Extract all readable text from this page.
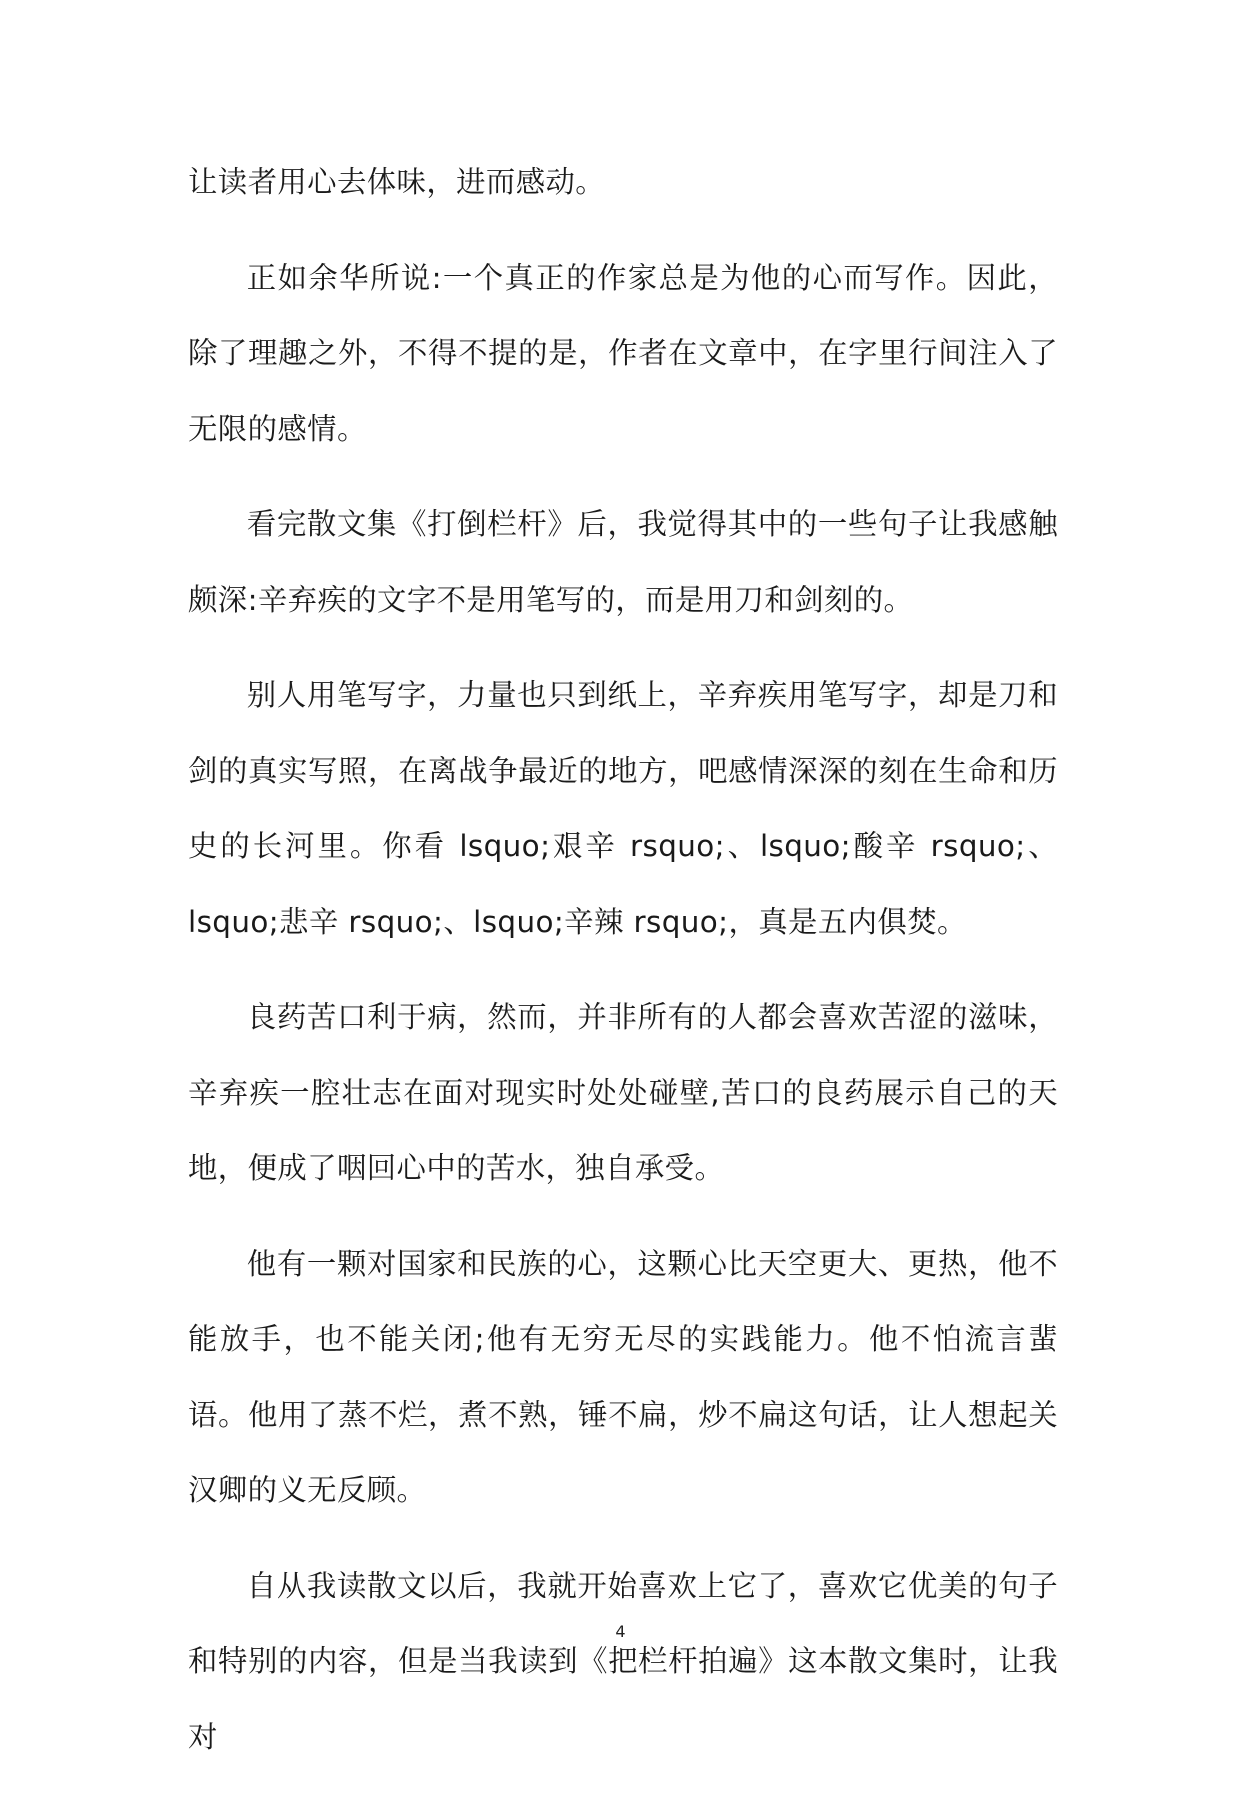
让读者用心去体味，进而感动。

正如余华所说:一个真正的作家总是为他的心而写作。因此，除了理趣之外，不得不提的是，作者在文章中，在字里行间注入了无限的感情。

看完散文集《打倒栏杆》后，我觉得其中的一些句子让我感触颇深:辛弃疾的文字不是用笔写的，而是用刀和剑刻的。

别人用笔写字，力量也只到纸上，辛弃疾用笔写字，却是刀和剑的真实写照，在离战争最近的地方，吧感情深深的刻在生命和历史的长河里。你看 lsquo;艰辛 rsquo;、lsquo;酸辛 rsquo;、lsquo;悲辛 rsquo;、lsquo;辛辣 rsquo;，真是五内俱焚。

良药苦口利于病，然而，并非所有的人都会喜欢苦涩的滋味，辛弃疾一腔壮志在面对现实时处处碰壁,苦口的良药展示自己的天地，便成了咽回心中的苦水，独自承受。

他有一颗对国家和民族的心，这颗心比天空更大、更热，他不能放手，也不能关闭;他有无穷无尽的实践能力。他不怕流言蜚语。他用了蒸不烂，煮不熟，锤不扁，炒不扁这句话，让人想起关汉卿的义无反顾。

自从我读散文以后，我就开始喜欢上它了，喜欢它优美的句子和特别的内容，但是当我读到《把栏杆拍遍》这本散文集时，让我对

4
